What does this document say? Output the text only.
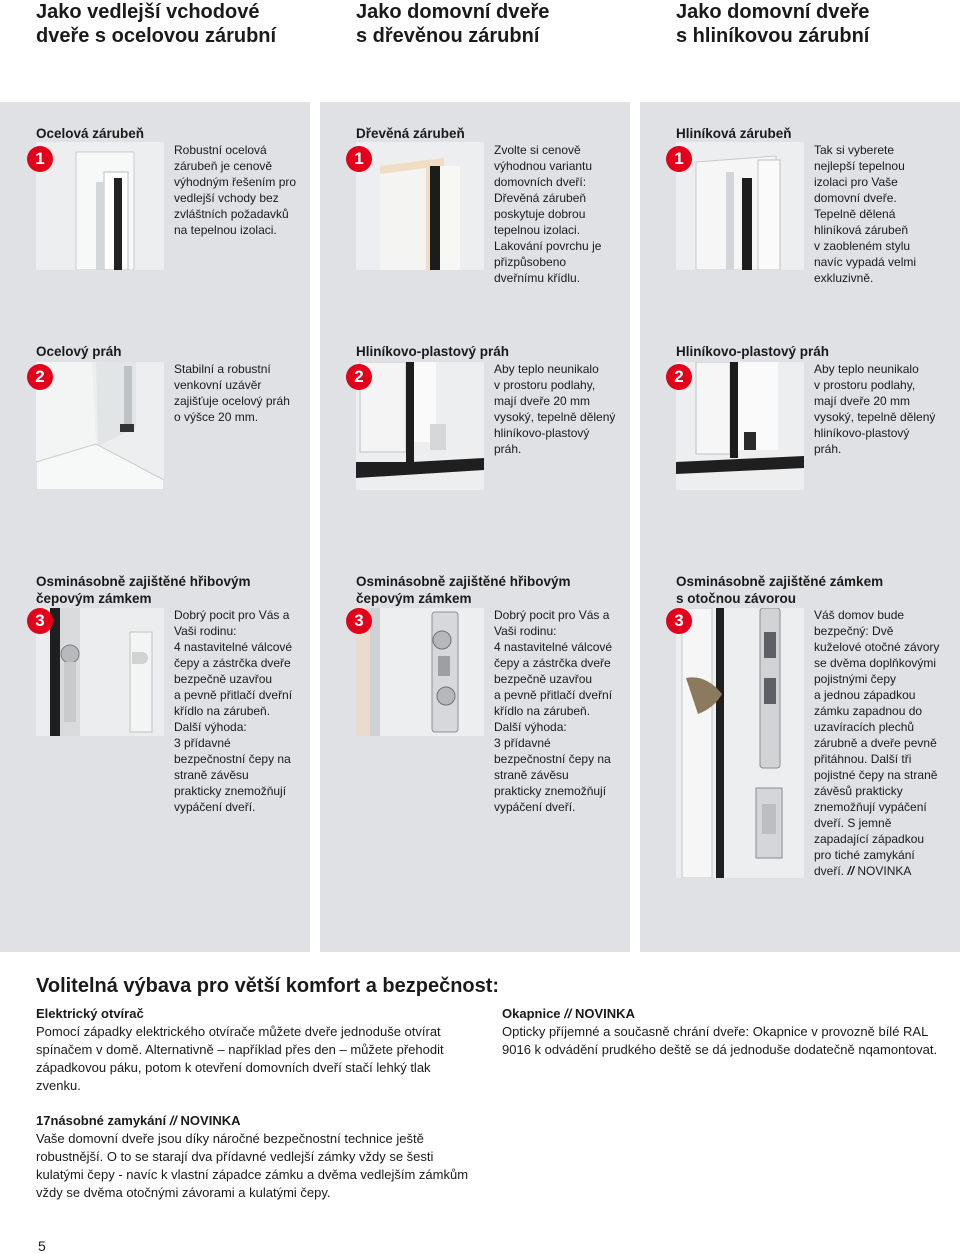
Jako vedlejší vchodové
dveře s ocelovou zárubní
Jako domovní dveře
s dřevěnou zárubní
Jako domovní dveře
s hliníkovou zárubní
Ocelová zárubeň
1	Robustní ocelová
zárubeň je cenově
výhodným řešením pro
vedlejší vchody bez
zvláštních požadavků
na tepelnou izolaci.
Dřevěná zárubeň
1	Zvolte si cenově
výhodnou variantu
domovních dveří:
Dřevěná zárubeň
poskytuje dobrou
tepelnou izolaci.
Lakování povrchu je
přizpůsobeno
dveřnímu křídlu.
Hliníková zárubeň
1	Tak si vyberete
nejlepší tepelnou
izolaci pro Vaše
domovní dveře.
Tepelně dělená
hliníková zárubeň
v zaobleném stylu
navíc vypadá velmi
exkluzivně.
Ocelový práh
2	Stabilní a robustní
venkovní uzávěr
zajišťuje ocelový práh
o výšce 20 mm.
Hliníkovo-plastový práh
2	Aby teplo neunikalo
v prostoru podlahy,
mají dveře 20 mm
vysoký, tepelně dělený
hliníkovo-plastový
práh.
Hliníkovo-plastový práh
2	Aby teplo neunikalo
v prostoru podlahy,
mají dveře 20 mm
vysoký, tepelně dělený
hliníkovo-plastový
práh.
Osminásobně zajištěné hřibovým
čepovým zámkem
3	Dobrý pocit pro Vás a
Vaši rodinu:
4 nastavitelné válcové
čepy a zástrčka dveře
bezpečně uzavřou
a pevně přitlačí dveřní
křídlo na zárubeň.
Další výhoda:
3 přídavné
bezpečnostní čepy na
straně závěsu
prakticky znemožňují
vypáčení dveří.
Osminásobně zajištěné hřibovým
čepovým zámkem
3	Dobrý pocit pro Vás a
Vaši rodinu:
4 nastavitelné válcové
čepy a zástrčka dveře
bezpečně uzavřou
a pevně přitlačí dveřní
křídlo na zárubeň.
Další výhoda:
3 přídavné
bezpečnostní čepy na
straně závěsu
prakticky znemožňují
vypáčení dveří.
Osminásobně zajištěné zámkem
s otočnou závorou
3	Váš domov bude
bezpečný: Dvě
kuželové otočné závory
se dvěma doplňkovými
pojistnými čepy
a jednou západkou
zámku zapadnou do
uzavíracích plechů
zárubně a dveře pevně
přitáhnou. Další tři
pojistné čepy na straně
závěsů prakticky
znemožňují vypáčení
dveří. S jemně
zapadající západkou
pro tiché zamykání
dveří. // NOVINKA
Volitelná výbava pro větší komfort a bezpečnost:
Elektrický otvírač
Pomocí západky elektrického otvírače můžete dveře jednoduše otvírat spínačem v domě. Alternativně – například přes den – můžete přehodit západkovou páku, potom k otevření domovních dveří stačí lehký tlak zvenku.
Okapnice // NOVINKA
Opticky příjemné a současně chrání dveře: Okapnice v provozně bílé RAL 9016 k odvádění prudkého deště se dá jednoduše dodatečně nqamontovat.
17násobné zamykání // NOVINKA
Vaše domovní dveře jsou díky náročné bezpečnostní technice ještě robustnější. O to se starají dva přídavné vedlejší zámky vždy se šesti kulatými čepy - navíc k vlastní západce zámku a dvěma vedlejším zámkům vždy se dvěma otočnými závorami a kulatými čepy.
5
